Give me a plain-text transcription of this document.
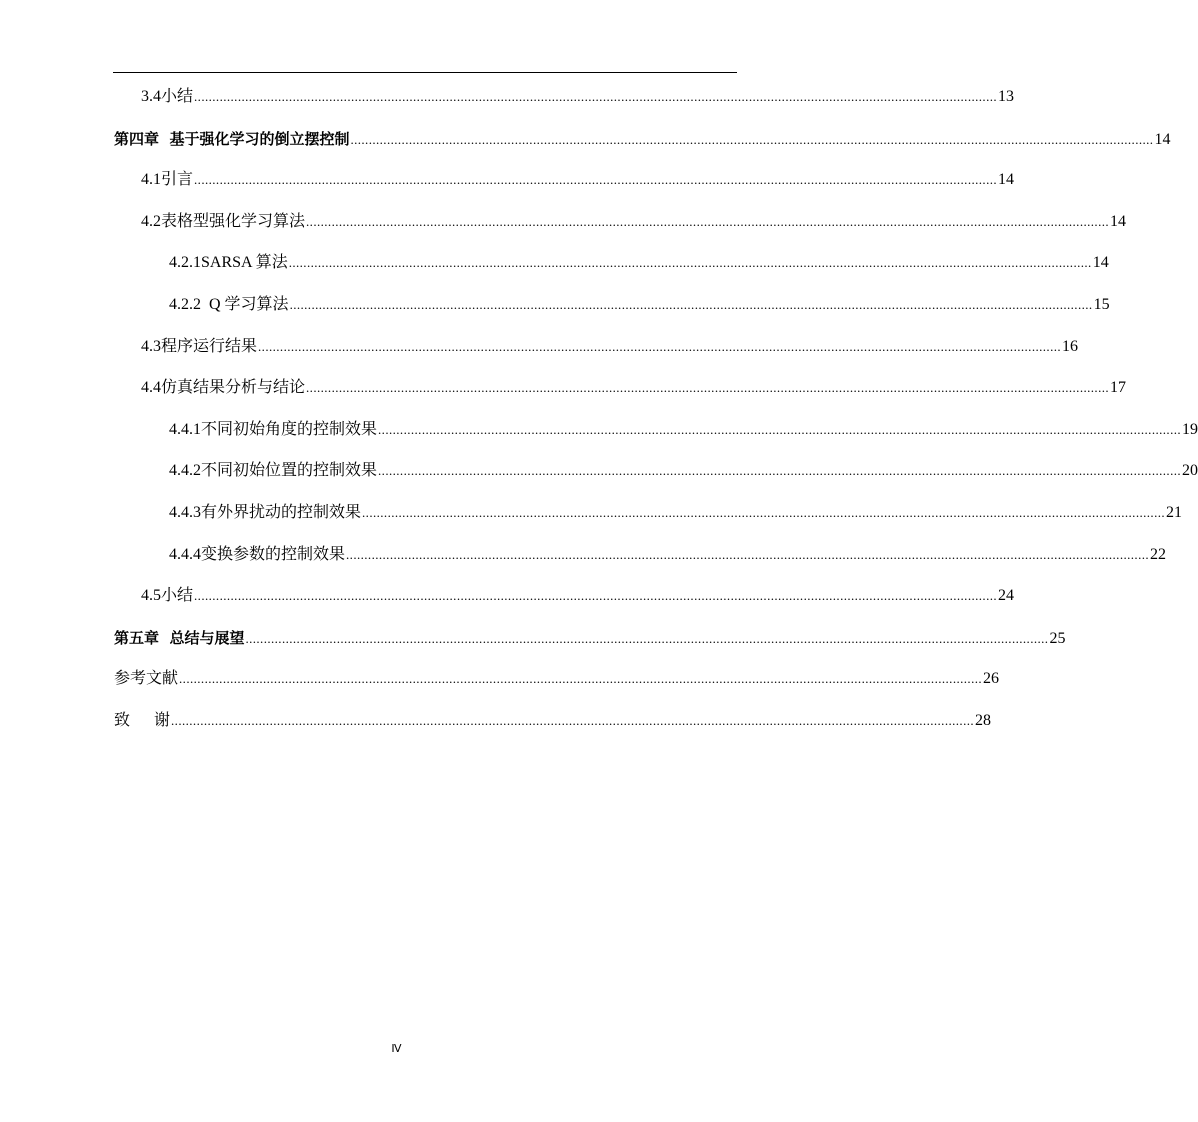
3.4 小结 ............................................................................................................................................................................................................................ 13
第四章  基于强化学习的倒立摆控制 ............................................................................................................................................................................................................................ 14
4.1 引言 ............................................................................................................................................................................................................................ 14
4.2 表格型强化学习算法 ............................................................................................................................................................................................................................ 14
4.2.1 SARSA 算法 ............................................................................................................................................................................................................................ 14
4.2.2 Q 学习算法 ............................................................................................................................................................................................................................ 15
4.3 程序运行结果 ............................................................................................................................................................................................................................ 16
4.4 仿真结果分析与结论 ............................................................................................................................................................................................................................ 17
4.4.1 不同初始角度的控制效果 ............................................................................................................................................................................................................................ 19
4.4.2 不同初始位置的控制效果 ............................................................................................................................................................................................................................ 20
4.4.3 有外界扰动的控制效果 ............................................................................................................................................................................................................................ 21
4.4.4 变换参数的控制效果 ............................................................................................................................................................................................................................ 22
4.5 小结 ............................................................................................................................................................................................................................ 24
第五章  总结与展望 ............................................................................................................................................................................................................................ 25
参考文献 ............................................................................................................................................................................................................................ 26
致      谢 ............................................................................................................................................................................................................................ 28
Ⅳ
